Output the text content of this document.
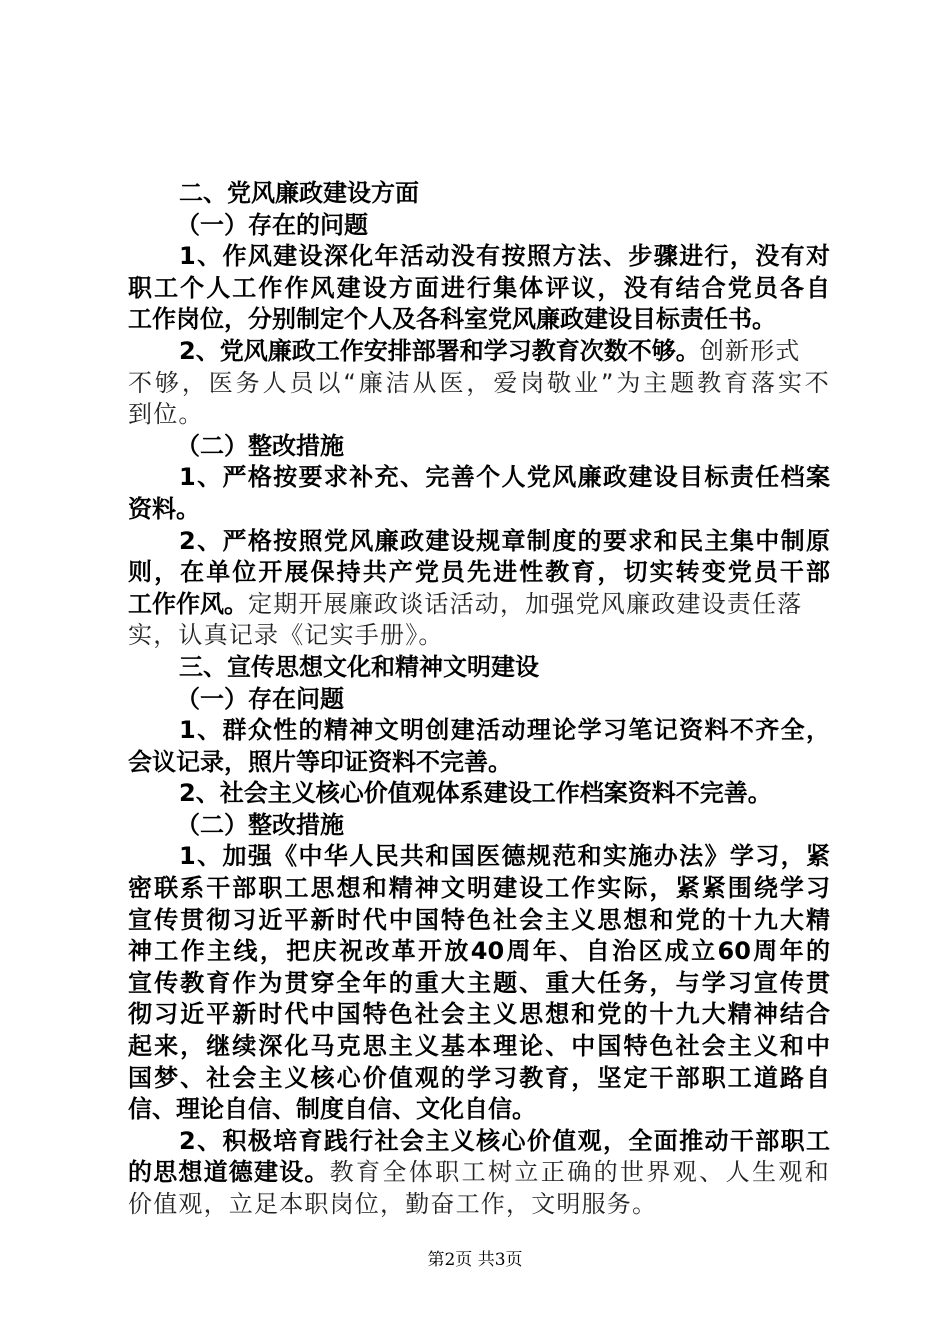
二、党风廉政建设方面

（一）存在的问题

1、作风建设深化年活动没有按照方法、步骤进行，没有对

职工个人工作作风建设方面进行集体评议，没有结合党员各自

工作岗位，分别制定个人及各科室党风廉政建设目标责任书。

2、党风廉政工作安排部署和学习教育次数不够。创新形式

不够，医务人员以“廉洁从医，爱岗敬业”为主题教育落实不

到位。

（二）整改措施

1、严格按要求补充、完善个人党风廉政建设目标责任档案

资料。

2、严格按照党风廉政建设规章制度的要求和民主集中制原

则，在单位开展保持共产党员先进性教育，切实转变党员干部

工作作风。定期开展廉政谈话活动，加强党风廉政建设责任落

实，认真记录《记实手册》。

三、宣传思想文化和精神文明建设

（一）存在问题

1、群众性的精神文明创建活动理论学习笔记资料不齐全，

会议记录，照片等印证资料不完善。

2、社会主义核心价值观体系建设工作档案资料不完善。

（二）整改措施

1、加强《中华人民共和国医德规范和实施办法》学习，紧

密联系干部职工思想和精神文明建设工作实际，紧紧围绕学习

宣传贯彻习近平新时代中国特色社会主义思想和党的十九大精

神工作主线，把庆祝改革开放40周年、自治区成立60周年的

宣传教育作为贯穿全年的重大主题、重大任务，与学习宣传贯

彻习近平新时代中国特色社会主义思想和党的十九大精神结合

起来，继续深化马克思主义基本理论、中国特色社会主义和中

国梦、社会主义核心价值观的学习教育，坚定干部职工道路自

信、理论自信、制度自信、文化自信。

2、积极培育践行社会主义核心价值观，全面推动干部职工

的思想道德建设。教育全体职工树立正确的世界观、人生观和

价值观，立足本职岗位，勤奋工作，文明服务。

第2页 共3页
